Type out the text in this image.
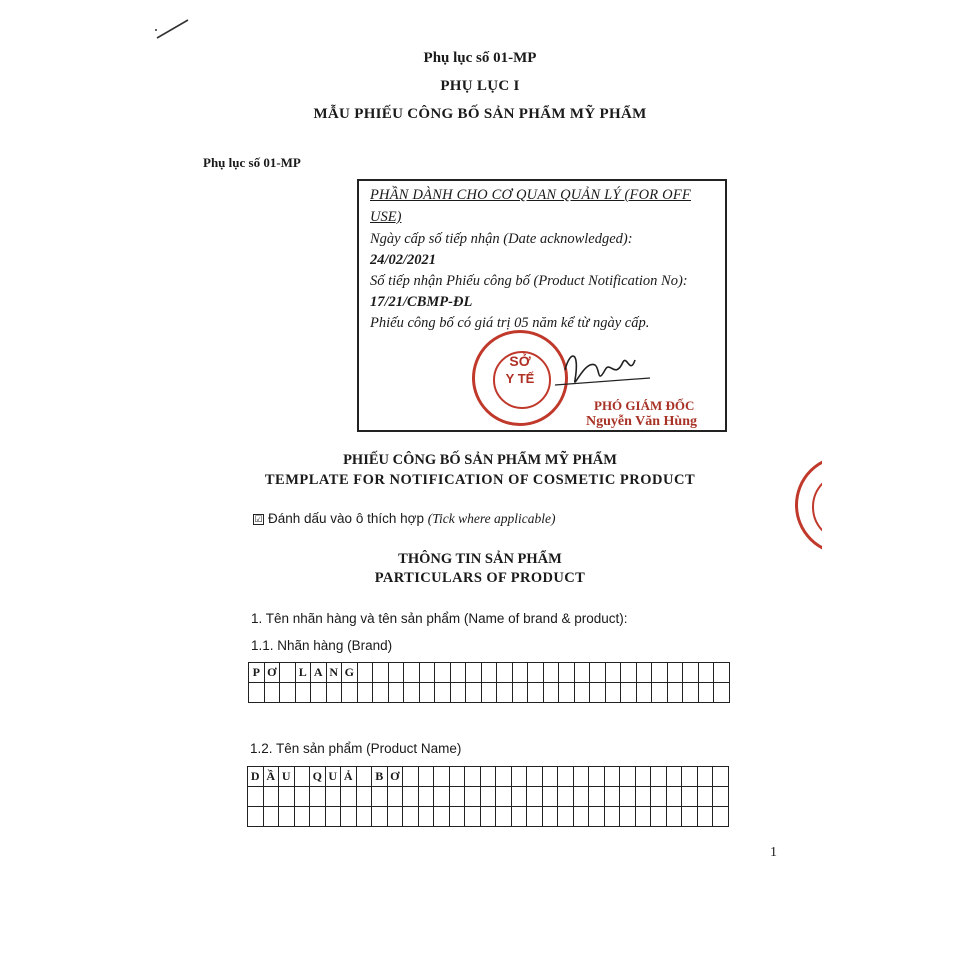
Phụ lục số 01-MP
PHỤ LỤC I
MẪU PHIẾU CÔNG BỐ SẢN PHẨM MỸ PHẨM
Phụ lục số 01-MP
PHẦN DÀNH CHO CƠ QUAN QUẢN LÝ (FOR OFF
USE)
Ngày cấp số tiếp nhận (Date acknowledged):
24/02/2021
Số tiếp nhận Phiếu công bố (Product Notification No):
17/21/CBMP-ĐL
Phiếu công bố có giá trị 05 năm kể từ ngày cấp.
SỞ
Y TẾ
PHÓ GIÁM ĐỐC
Nguyễn Văn Hùng
PHIẾU CÔNG BỐ SẢN PHẨM MỸ PHẨM
TEMPLATE FOR NOTIFICATION OF COSMETIC PRODUCT
☑ Đánh dấu vào ô thích hợp (Tick where applicable)
THÔNG TIN SẢN PHẨM
PARTICULARS OF PRODUCT
1. Tên nhãn hàng và tên sản phẩm (Name of brand & product):
1.1. Nhãn hàng (Brand)
P	Ơ		L	A	N	G																								

1.2. Tên sản phẩm (Product Name)
D	Ầ	U		Q	U	Ả		B	Ơ																					

1
